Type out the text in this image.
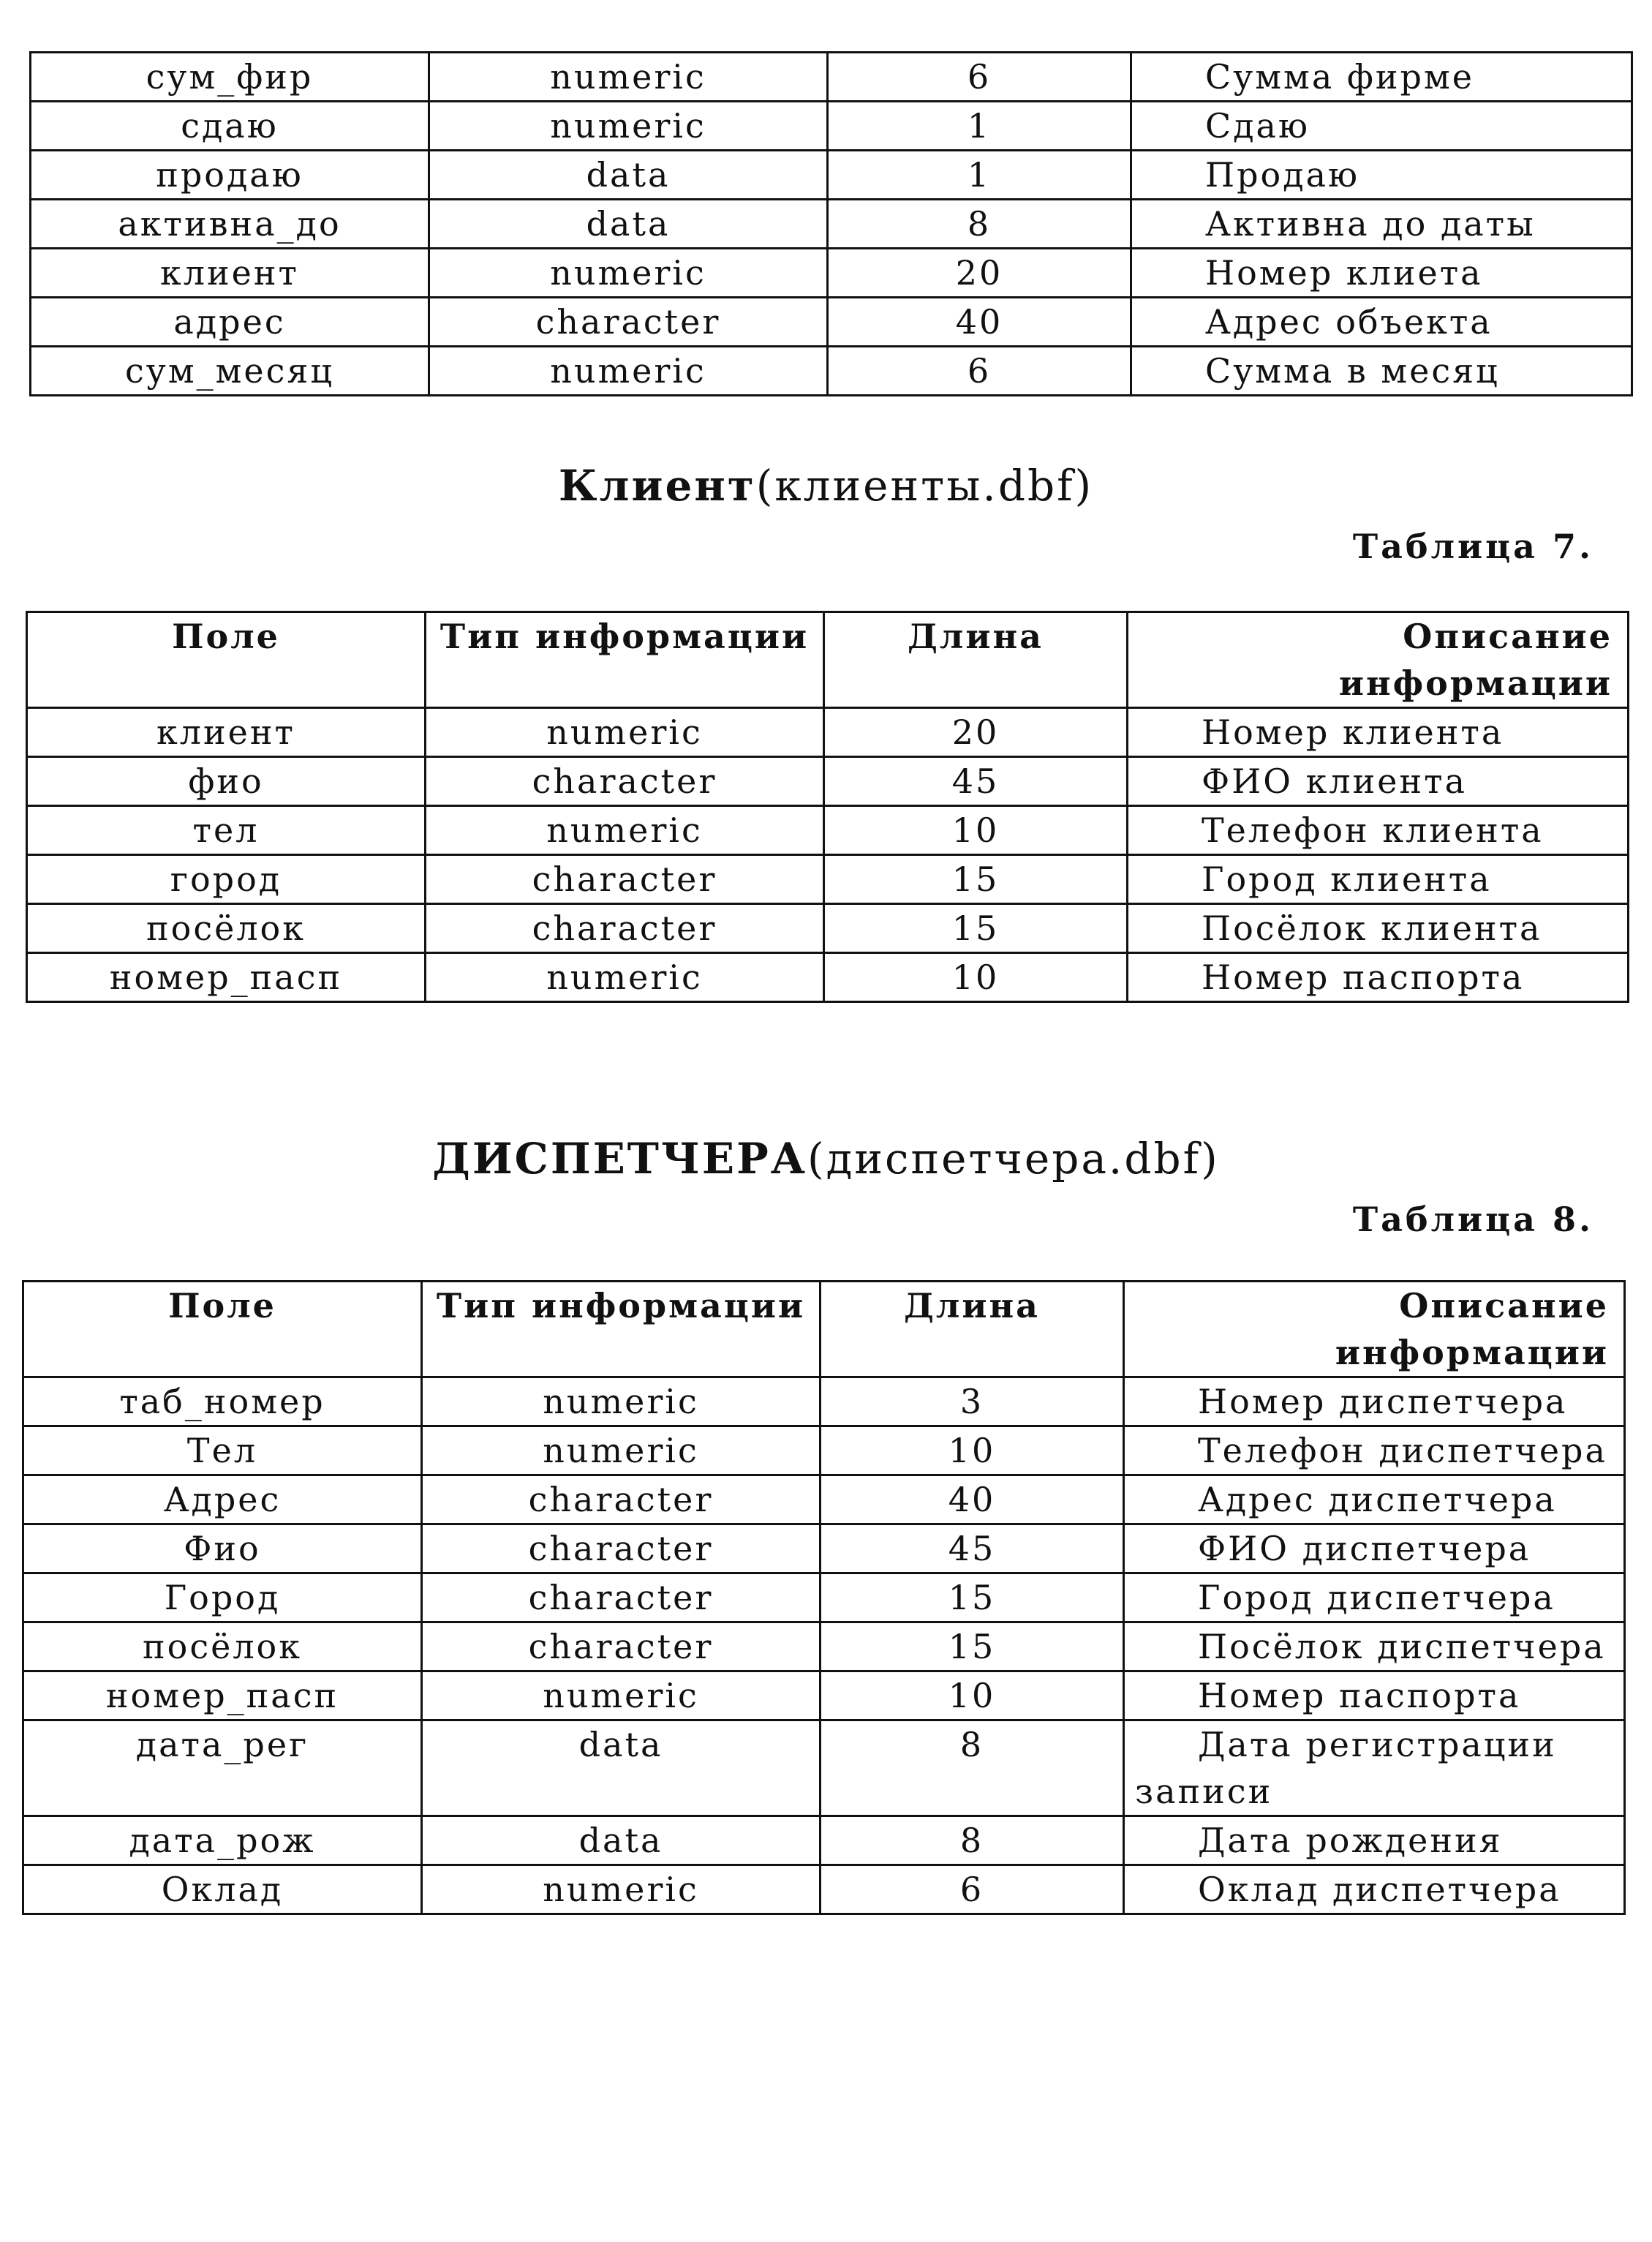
сум_фир	numeric	6	Сумма фирме
сдаю	numeric	1	Сдаю
продаю	data	1	Продаю
активна_до	data	8	Активна до даты
клиент	numeric	20	Номер клиета
адрес	character	40	Адрес объекта
сум_месяц	numeric	6	Сумма в месяц
Клиент(клиенты.dbf)
Таблица 7.
Поле	Тип информации	Длина	Описание информации
клиент	numeric	20	Номер клиента
фио	character	45	ФИО клиента
тел	numeric	10	Телефон клиента
город	character	15	Город клиента
посёлок	character	15	Посёлок клиента
номер_пасп	numeric	10	Номер паспорта
ДИСПЕТЧЕРА(диспетчера.dbf)
Таблица 8.
Поле	Тип информации	Длина	Описание информации
таб_номер	numeric	3	Номер диспетчера
Тел	numeric	10	Телефон диспетчера
Адрес	character	40	Адрес диспетчера
Фио	character	45	ФИО диспетчера
Город	character	15	Город диспетчера
посёлок	character	15	Посёлок диспетчера
номер_пасп	numeric	10	Номер паспорта
дата_рег	data	8	Дата регистрации записи
дата_рож	data	8	Дата рождения
Оклад	numeric	6	Оклад диспетчера
